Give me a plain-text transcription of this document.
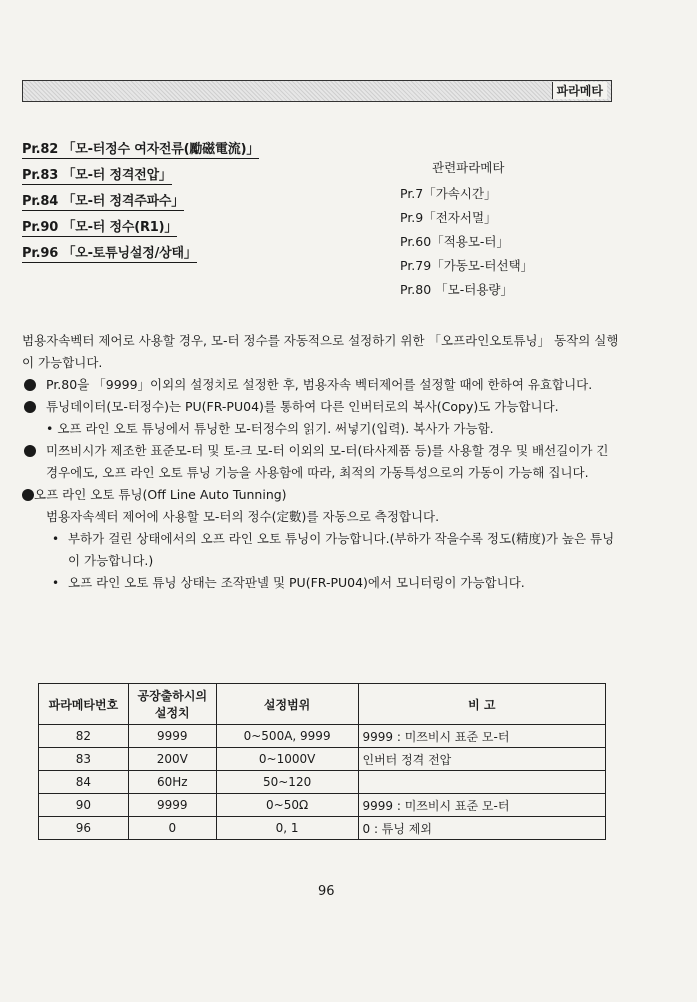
파라메타
Pr.82 「모-터정수 여자전류(勵磁電流)」
Pr.83 「모-터 정격전압」
Pr.84 「모-터 정격주파수」
Pr.90 「모-터 정수(R1)」
Pr.96 「오-토튜닝설정/상태」
관련파라메타
Pr.7「가속시간」
Pr.9「전자서멀」
Pr.60「적용모-터」
Pr.79「가동모-터선택」
Pr.80 「모-터용량」

범용자속벡터 제어로 사용할 경우, 모-터 정수를 자동적으로 설정하기 위한 「오프라인오토튜닝」 동작의 실행이 가능합니다.

Pr.80을 「9999」이외의 설정치로 설정한 후, 범용자속 벡터제어를 설정할 때에 한하여 유효합니다.

튜닝데이터(모-터정수)는 PU(FR-PU04)를 통하여 다른 인버터로의 복사(Copy)도 가능합니다.

• 오프 라인 오토 튜닝에서 튜닝한 모-터정수의 읽기. 써넣기(입력). 복사가 가능함.

미쯔비시가 제조한 표준모-터 및 토-크 모-터 이외의 모-터(타사제품 등)를 사용할 경우 및 배선길이가 긴 경우에도, 오프 라인 오토 튜닝 기능을 사용함에 따라, 최적의 가동특성으로의 가동이 가능해 집니다.

오프 라인 오토 튜닝(Off Line Auto Tunning)

범용자속섹터 제어에 사용할 모-터의 정수(定數)를 자동으로 측정합니다.

• 부하가 걸린 상태에서의 오프 라인 오토 튜닝이 가능합니다.(부하가 작을수록 정도(精度)가 높은 튜닝이 가능합니다.)

• 오프 라인 오토 튜닝 상태는 조작판넬 및 PU(FR-PU04)에서 모니터링이 가능합니다.

파라메타번호	공장출하시의 설정치	설정범위	비 고
82	9999	0~500A, 9999	9999 : 미쯔비시 표준 모-터
83	200V	0~1000V	인버터 정격 전압
84	60Hz	50~120	
90	9999	0~50Ω	9999 : 미쯔비시 표준 모-터
96	0	0, 1	0 : 튜닝 제외
96
